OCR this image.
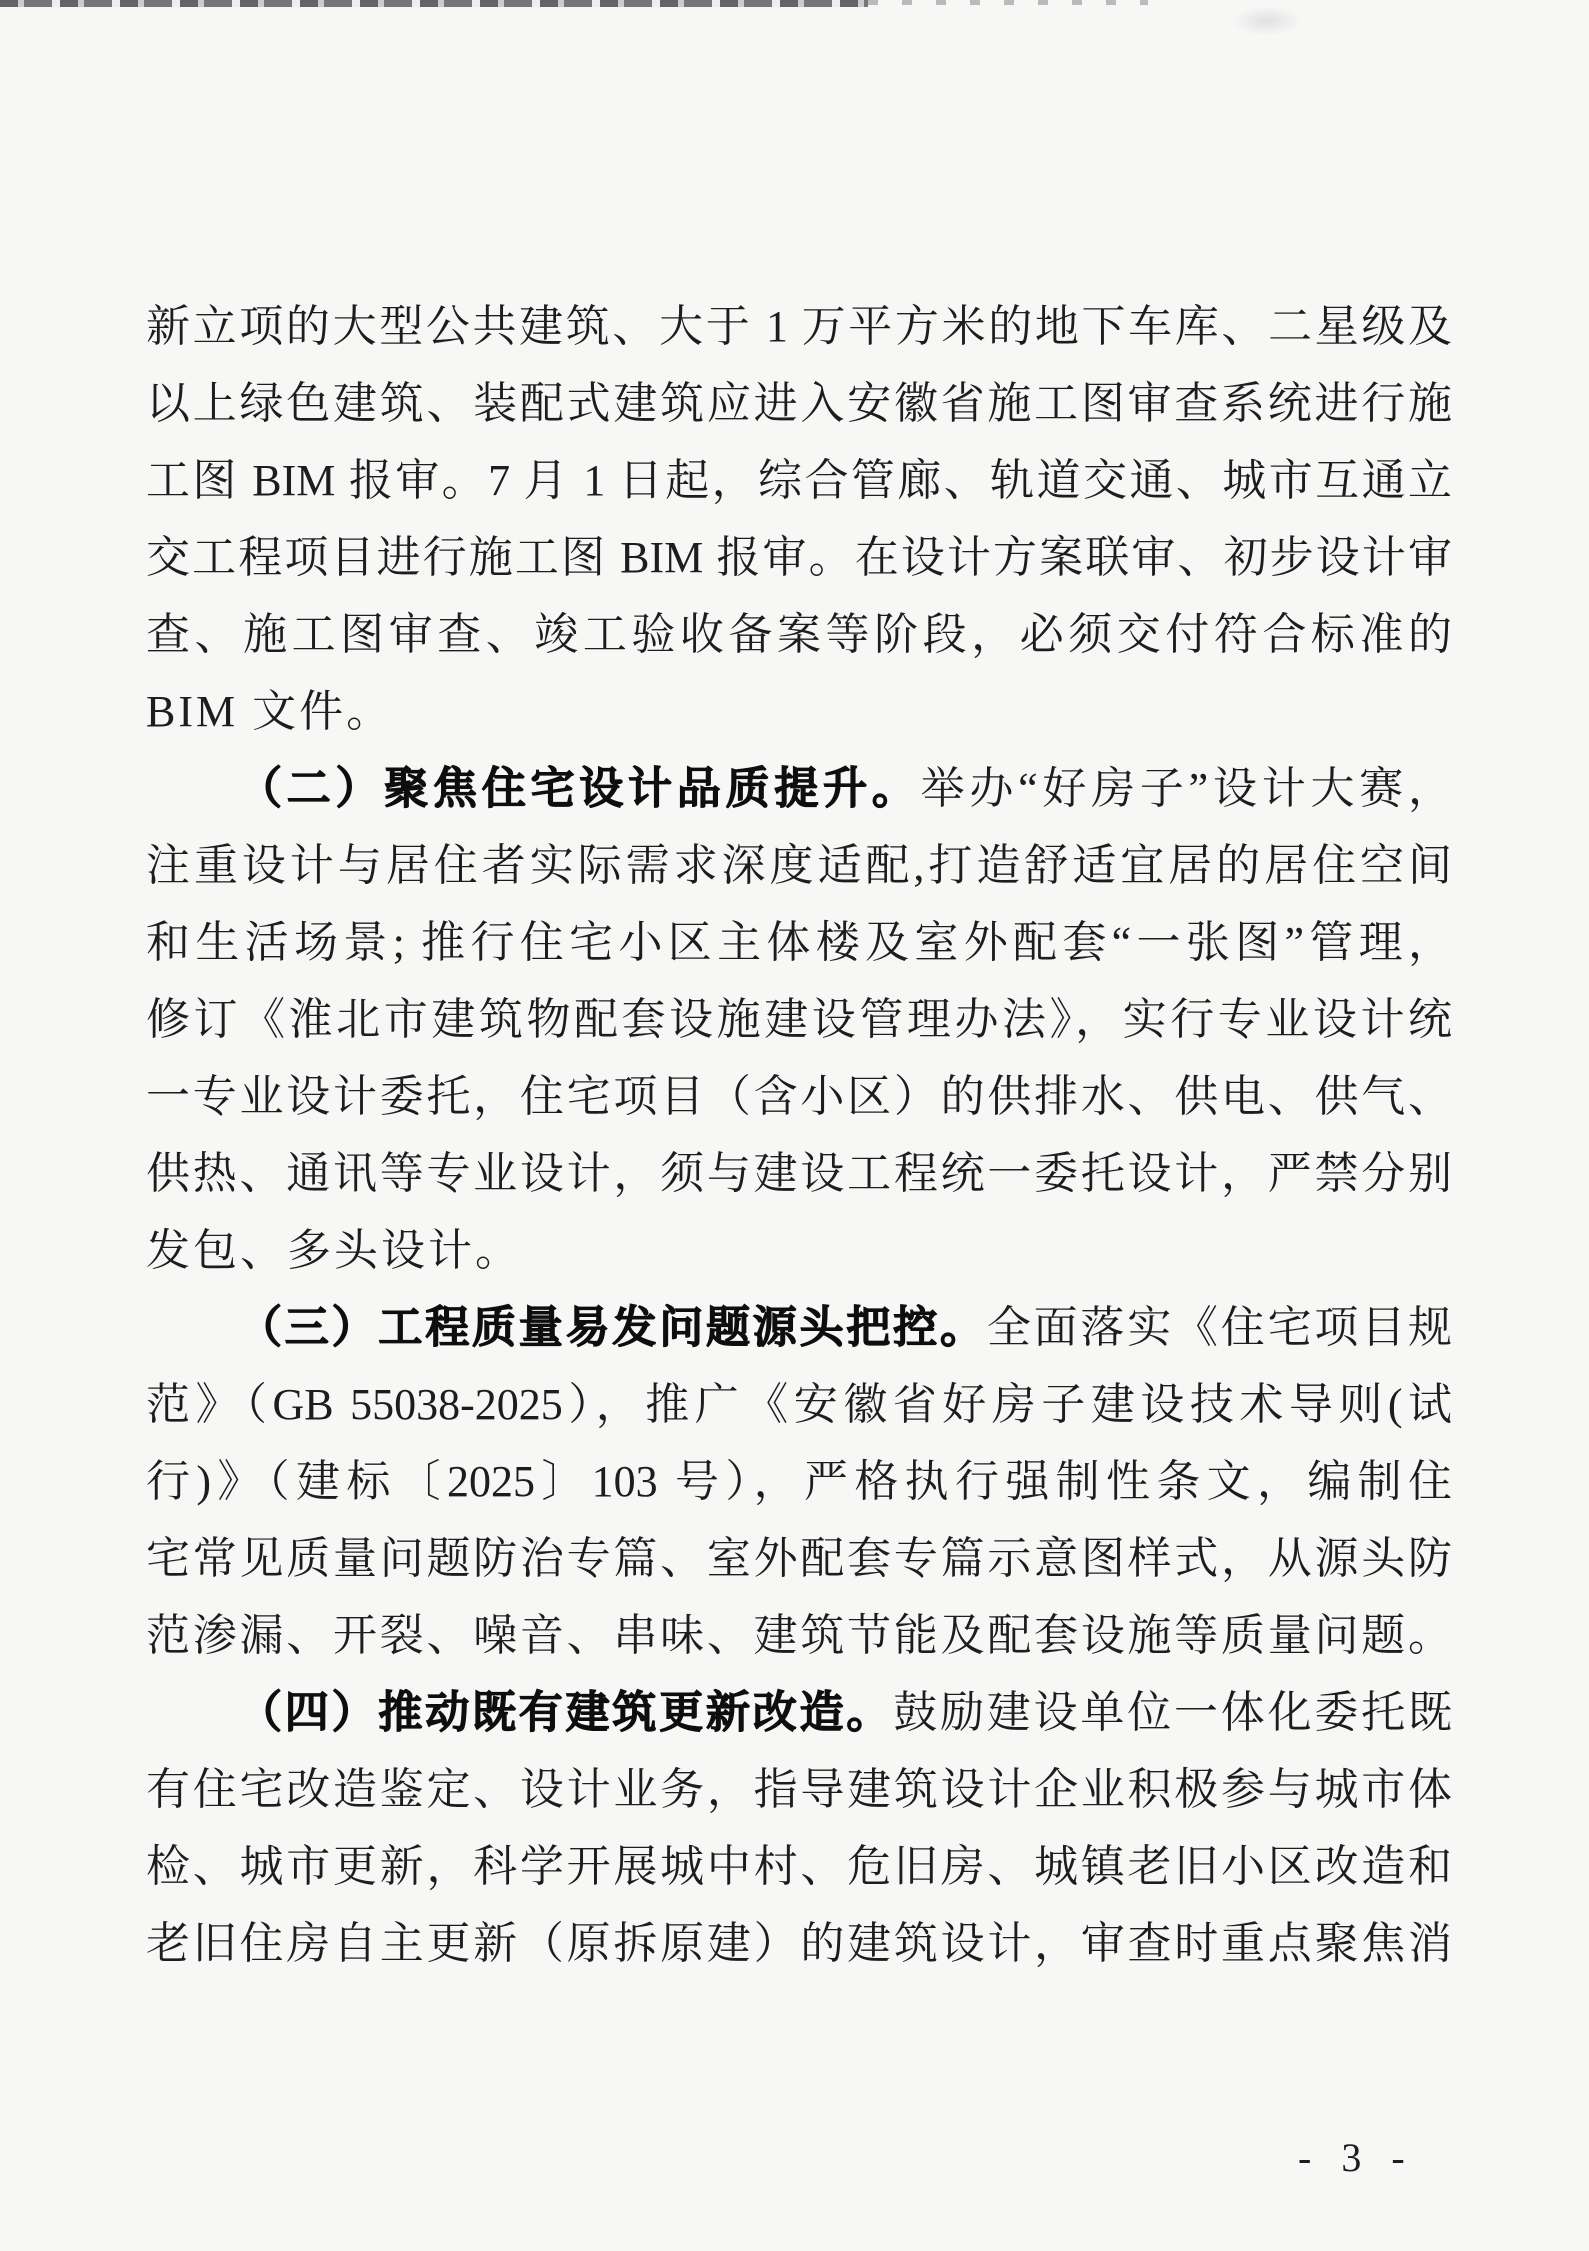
新立项的大型公共建筑、大于 1 万平方米的地下车库、二星级及
以上绿色建筑、装配式建筑应进入安徽省施工图审查系统进行施
工图 BIM 报审。7 月 1 日起，综合管廊、轨道交通、城市互通立
交工程项目进行施工图 BIM 报审。在设计方案联审、初步设计审
查、施工图审查、竣工验收备案等阶段，必须交付符合标准的
BIM 文件。
（二）聚焦住宅设计品质提升。举办“好房子”设计大赛，
注重设计与居住者实际需求深度适配,打造舒适宜居的居住空间
和生活场景; 推行住宅小区主体楼及室外配套“一张图”管理，
修订《淮北市建筑物配套设施建设管理办法》，实行专业设计统
一专业设计委托，住宅项目（含小区）的供排水、供电、供气、
供热、通讯等专业设计，须与建设工程统一委托设计，严禁分别
发包、多头设计。
（三）工程质量易发问题源头把控。全面落实《住宅项目规
范》（GB 55038-2025），推广《安徽省好房子建设技术导则(试
行)》（建标〔2025〕103 号），严格执行强制性条文，编制住
宅常见质量问题防治专篇、室外配套专篇示意图样式，从源头防
范渗漏、开裂、噪音、串味、建筑节能及配套设施等质量问题。
（四）推动既有建筑更新改造。鼓励建设单位一体化委托既
有住宅改造鉴定、设计业务，指导建筑设计企业积极参与城市体
检、城市更新，科学开展城中村、危旧房、城镇老旧小区改造和
老旧住房自主更新（原拆原建）的建筑设计，审查时重点聚焦消
- 3 -
